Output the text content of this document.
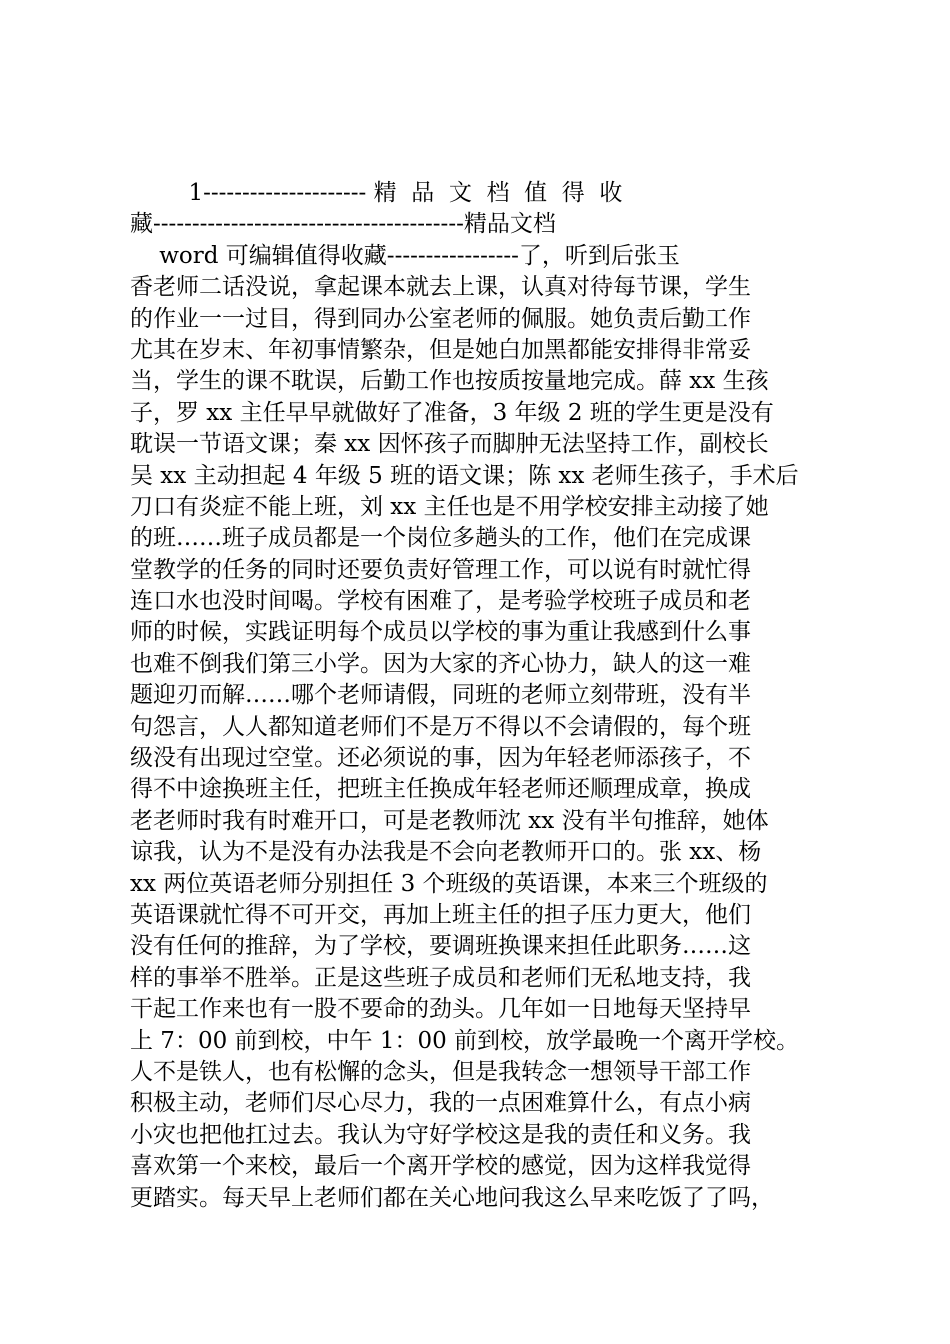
1--------------------- 精  品  文  档  值  得  收
藏----------------------------------------精品文档
word 可编辑值得收藏-----------------了，听到后张玉
香老师二话没说，拿起课本就去上课，认真对待每节课，学生
的作业一一过目，得到同办公室老师的佩服。她负责后勤工作
尤其在岁末、年初事情繁杂，但是她白加黑都能安排得非常妥
当，学生的课不耽误，后勤工作也按质按量地完成。薛 xx 生孩
子，罗 xx 主任早早就做好了准备，3 年级 2 班的学生更是没有
耽误一节语文课；秦 xx 因怀孩子而脚肿无法坚持工作，副校长
吴 xx 主动担起 4 年级 5 班的语文课；陈 xx 老师生孩子，手术后
刀口有炎症不能上班，刘 xx 主任也是不用学校安排主动接了她
的班……班子成员都是一个岗位多趟头的工作，他们在完成课
堂教学的任务的同时还要负责好管理工作，可以说有时就忙得
连口水也没时间喝。学校有困难了，是考验学校班子成员和老
师的时候，实践证明每个成员以学校的事为重让我感到什么事
也难不倒我们第三小学。因为大家的齐心协力，缺人的这一难
题迎刃而解……哪个老师请假，同班的老师立刻带班，没有半
句怨言，人人都知道老师们不是万不得以不会请假的，每个班
级没有出现过空堂。还必须说的事，因为年轻老师添孩子，不
得不中途换班主任，把班主任换成年轻老师还顺理成章，换成
老老师时我有时难开口，可是老教师沈 xx 没有半句推辞，她体
谅我，认为不是没有办法我是不会向老教师开口的。张 xx、杨
xx 两位英语老师分别担任 3 个班级的英语课，本来三个班级的
英语课就忙得不可开交，再加上班主任的担子压力更大，他们
没有任何的推辞，为了学校，要调班换课来担任此职务……这
样的事举不胜举。正是这些班子成员和老师们无私地支持，我
干起工作来也有一股不要命的劲头。几年如一日地每天坚持早
上 7：00 前到校，中午 1：00 前到校，放学最晚一个离开学校。
人不是铁人，也有松懈的念头，但是我转念一想领导干部工作
积极主动，老师们尽心尽力，我的一点困难算什么，有点小病
小灾也把他扛过去。我认为守好学校这是我的责任和义务。我
喜欢第一个来校，最后一个离开学校的感觉，因为这样我觉得
更踏实。每天早上老师们都在关心地问我这么早来吃饭了了吗，
